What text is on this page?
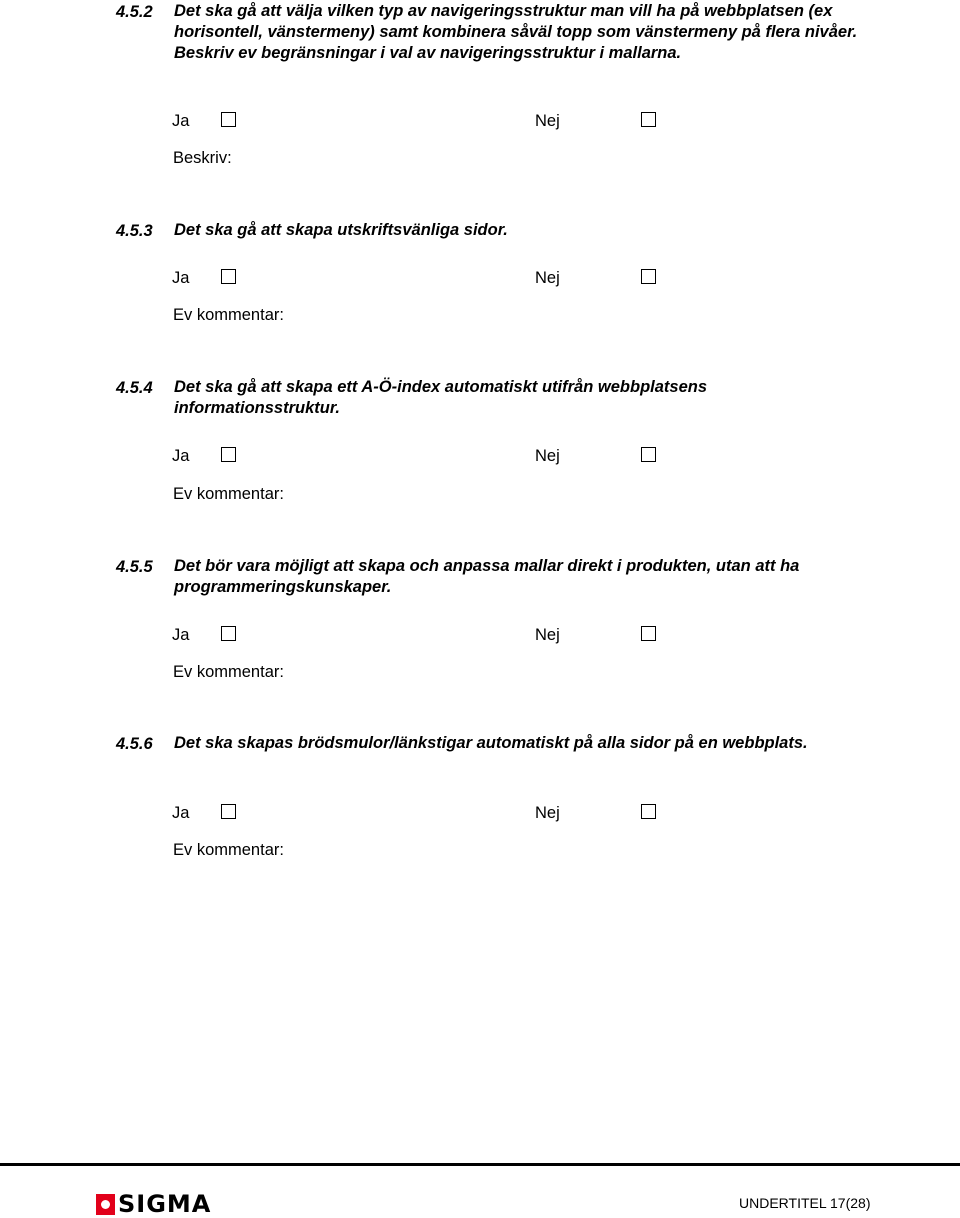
4.5.2 Det ska gå att välja vilken typ av navigeringsstruktur man vill ha på webbplatsen (ex horisontell, vänstermeny) samt kombinera såväl topp som vänstermeny på flera nivåer. Beskriv ev begränsningar i val av navigeringsstruktur i mallarna.
Ja	Nej
Beskriv:
4.5.3 Det ska gå att skapa utskriftsvänliga sidor.
Ja	Nej
Ev kommentar:
4.5.4 Det ska gå att skapa ett A-Ö-index automatiskt utifrån webbplatsens informationsstruktur.
Ja	Nej
Ev kommentar:
4.5.5 Det bör vara möjligt att skapa och anpassa mallar direkt i produkten, utan att ha programmeringskunskaper.
Ja	Nej
Ev kommentar:
4.5.6 Det ska skapas brödsmulor/länkstigar automatiskt på alla sidor på en webbplats.
Ja	Nej
Ev kommentar:
SIGMA	UNDERTITEL 17(28)
